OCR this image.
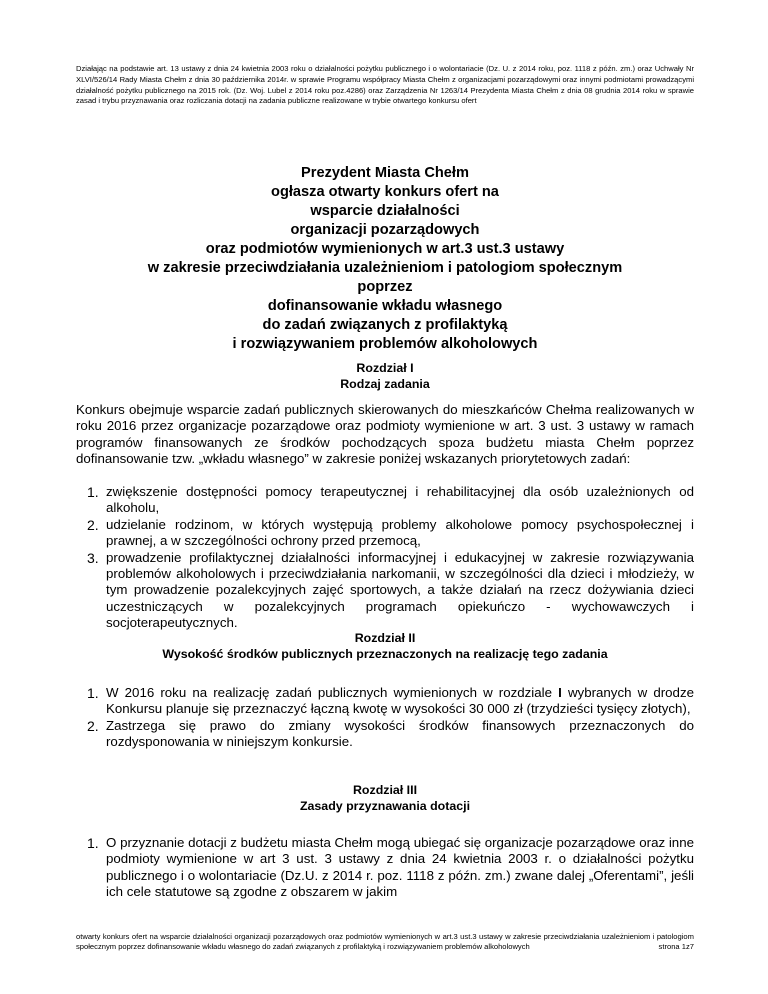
Działając na podstawie art. 13 ustawy z dnia 24 kwietnia 2003 roku o działalności pożytku publicznego i o wolontariacie (Dz. U. z 2014 roku, poz. 1118 z późn. zm.) oraz Uchwały Nr XLVI/526/14 Rady Miasta Chełm z dnia 30 października 2014r. w sprawie Programu współpracy Miasta Chełm z organizacjami pozarządowymi oraz innymi podmiotami prowadzącymi działalność pożytku publicznego na 2015 rok. (Dz. Woj. Lubel z 2014 roku poz.4286) oraz Zarządzenia Nr 1263/14 Prezydenta Miasta Chełm z dnia 08 grudnia 2014 roku w sprawie zasad i trybu przyznawania oraz rozliczania dotacji na zadania publiczne realizowane w trybie otwartego konkursu ofert
Prezydent Miasta Chełm
ogłasza otwarty konkurs ofert na
wsparcie działalności
organizacji pozarządowych
oraz podmiotów wymienionych w art.3 ust.3 ustawy
w zakresie przeciwdziałania uzależnieniom i patologiom społecznym
poprzez
dofinansowanie wkładu własnego
do zadań związanych z profilaktyką
i rozwiązywaniem problemów alkoholowych
Rozdział I
Rodzaj zadania
Konkurs obejmuje wsparcie zadań publicznych skierowanych do mieszkańców Chełma realizowanych w roku 2016 przez organizacje pozarządowe oraz podmioty wymienione w art. 3 ust. 3 ustawy w ramach programów finansowanych ze środków pochodzących spoza budżetu miasta Chełm poprzez dofinansowanie tzw. „wkładu własnego” w zakresie poniżej wskazanych priorytetowych zadań:
1. zwiększenie dostępności pomocy terapeutycznej i rehabilitacyjnej dla osób uzależnionych od alkoholu,
2. udzielanie rodzinom, w których występują problemy alkoholowe pomocy psychospołecznej i prawnej, a w szczególności ochrony przed przemocą,
3. prowadzenie profilaktycznej działalności informacyjnej i edukacyjnej w zakresie rozwiązywania problemów alkoholowych i przeciwdziałania narkomanii, w szczególności dla dzieci i młodzieży, w tym prowadzenie pozalekcyjnych zajęć sportowych, a także działań na rzecz dożywiania dzieci uczestniczących w pozalekcyjnych programach opiekuńczo - wychowawczych i socjoterapeutycznych.
Rozdział II
Wysokość środków publicznych przeznaczonych na realizację tego zadania
1. W 2016 roku na realizację zadań publicznych wymienionych w rozdziale I wybranych w drodze Konkursu planuje się przeznaczyć łączną kwotę w wysokości 30 000 zł (trzydzieści tysięcy złotych),
2. Zastrzega się prawo do zmiany wysokości środków finansowych przeznaczonych do rozdysponowania w niniejszym konkursie.
Rozdział III
Zasady przyznawania dotacji
1. O przyznanie dotacji z budżetu miasta Chełm mogą ubiegać się organizacje pozarządowe oraz inne podmioty wymienione w art 3 ust. 3 ustawy z dnia 24 kwietnia 2003 r. o działalności pożytku publicznego i o wolontariacie (Dz.U. z 2014 r. poz. 1118 z późn. zm.) zwane dalej „Oferentami”, jeśli ich cele statutowe są zgodne z obszarem w jakim
otwarty konkurs ofert na wsparcie działalności organizacji pozarządowych oraz podmiotów wymienionych w art.3 ust.3 ustawy w zakresie przeciwdziałania uzależnieniom i patologiom społecznym poprzez dofinansowanie wkładu własnego do zadań związanych z profilaktyką i rozwiązywaniem problemów alkoholowych	strona 1z7
